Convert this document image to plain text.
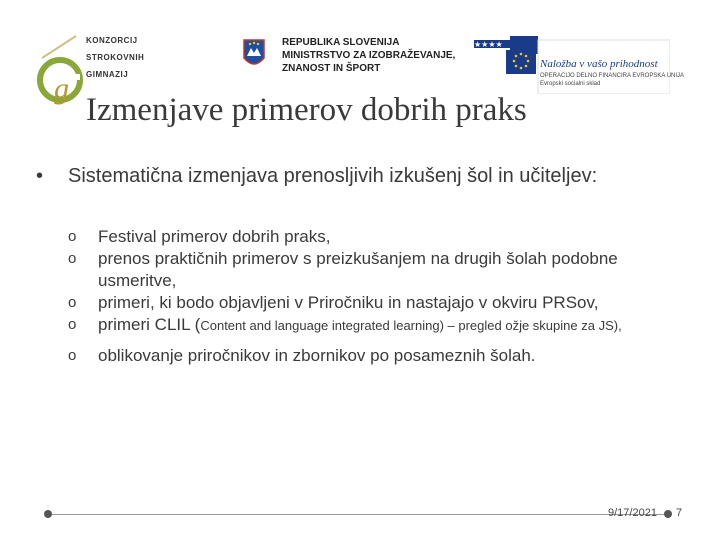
g
KONZORCIJ
STROKOVNIH
GIMNAZIJ
REPUBLIKA SLOVENIJA
MINISTRSTVO ZA IZOBRAŽEVANJE,
ZNANOST IN ŠPORT
★★★★
Naložba v vašo prihodnost
OPERACIJO DELNO FINANCIRA EVROPSKA UNIJA
Evropski socialni sklad
Izmenjave primerov dobrih praks
• Sistematična izmenjava prenosljivih izkušenj šol in učiteljev:

o Festival primerov dobrih praks,

o prenos praktičnih primerov s preizkušanjem na drugih šolah podobne usmeritve,

o primeri, ki bodo objavljeni v Priročniku in nastajajo v okviru PRSov,

o primeri CLIL (Content and language integrated learning) – pregled ožje skupine za JS),

o oblikovanje priročnikov in zbornikov po posameznih šolah.

9/17/2021 7
